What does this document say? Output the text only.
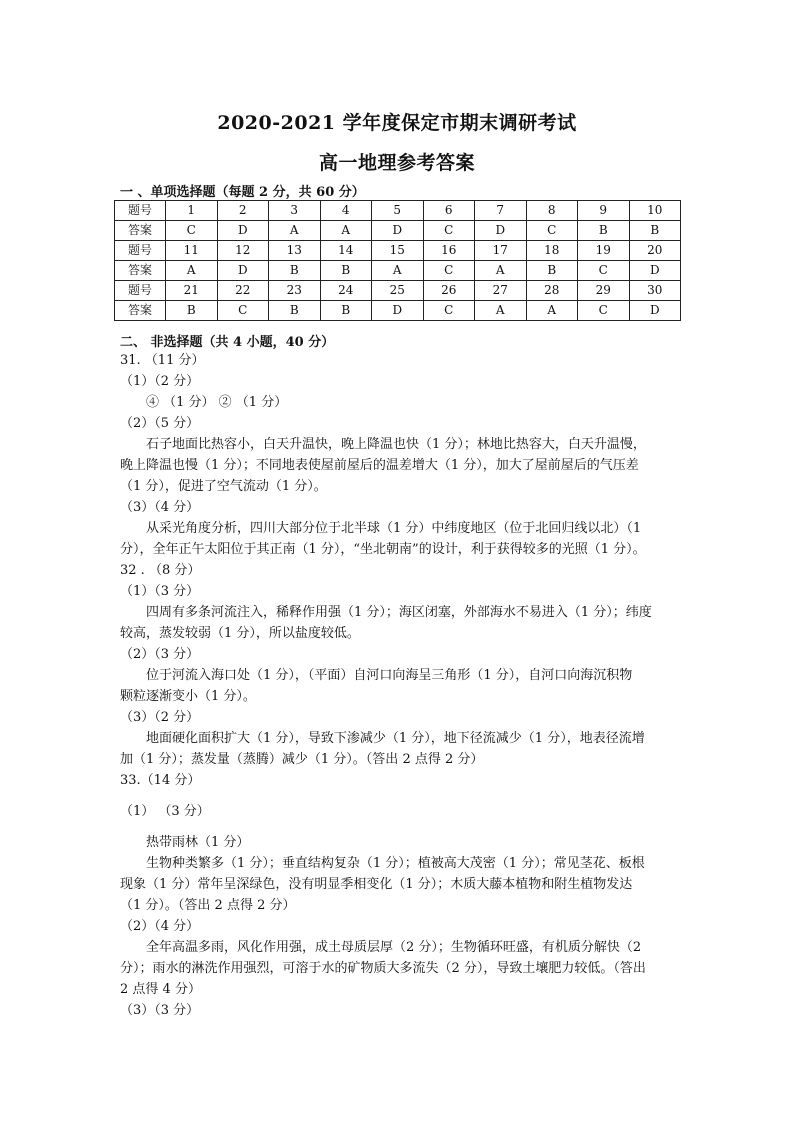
2020-2021 学年度保定市期末调研考试
高一地理参考答案
一 、单项选择题（每题 2 分，共 60 分）
题号	1	2	3	4	5	6	7	8	9	10
答案	C	D	A	A	D	C	D	C	B	B
题号	11	12	13	14	15	16	17	18	19	20
答案	A	D	B	B	A	C	A	B	C	D
题号	21	22	23	24	25	26	27	28	29	30
答案	B	C	B	B	D	C	A	A	C	D
二、 非选择题（共 4 小题，40 分）
31. （11 分）
（1）（2 分）
④ （1 分） ② （1 分）
（2）（5 分）
石子地面比热容小，白天升温快，晚上降温也快（1 分）；林地比热容大，白天升温慢，
晚上降温也慢（1 分）；不同地表使屋前屋后的温差增大（1 分），加大了屋前屋后的气压差
（1 分），促进了空气流动（1 分）。
（3）（4 分）
从采光角度分析，四川大部分位于北半球（1 分）中纬度地区（位于北回归线以北）（1
分），全年正午太阳位于其正南（1 分），“坐北朝南”的设计，利于获得较多的光照（1 分）。
32 . （8 分）
（1）（3 分）
四周有多条河流注入，稀释作用强（1 分）；海区闭塞，外部海水不易进入（1 分）；纬度
较高，蒸发较弱（1 分），所以盐度较低。
（2）（3 分）
位于河流入海口处（1 分），（平面）自河口向海呈三角形（1 分），自河口向海沉积物
颗粒逐渐变小（1 分）。
（3）（2 分）
地面硬化面积扩大（1 分），导致下渗减少（1 分），地下径流减少（1 分），地表径流增
加（1 分）；蒸发量（蒸腾）减少（1 分）。（答出 2 点得 2 分）
33.（14 分）
（1） （3 分）
热带雨林（1 分）
生物种类繁多（1 分）；垂直结构复杂（1 分）；植被高大茂密（1 分）；常见茎花、板根
现象（1 分）常年呈深绿色，没有明显季相变化（1 分）；木质大藤本植物和附生植物发达
（1 分）。（答出 2 点得 2 分）
（2）（4 分）
全年高温多雨，风化作用强，成土母质层厚（2 分）；生物循环旺盛，有机质分解快（2
分）；雨水的淋洗作用强烈，可溶于水的矿物质大多流失（2 分），导致土壤肥力较低。（答出
2 点得 4 分）
（3）（3 分）
